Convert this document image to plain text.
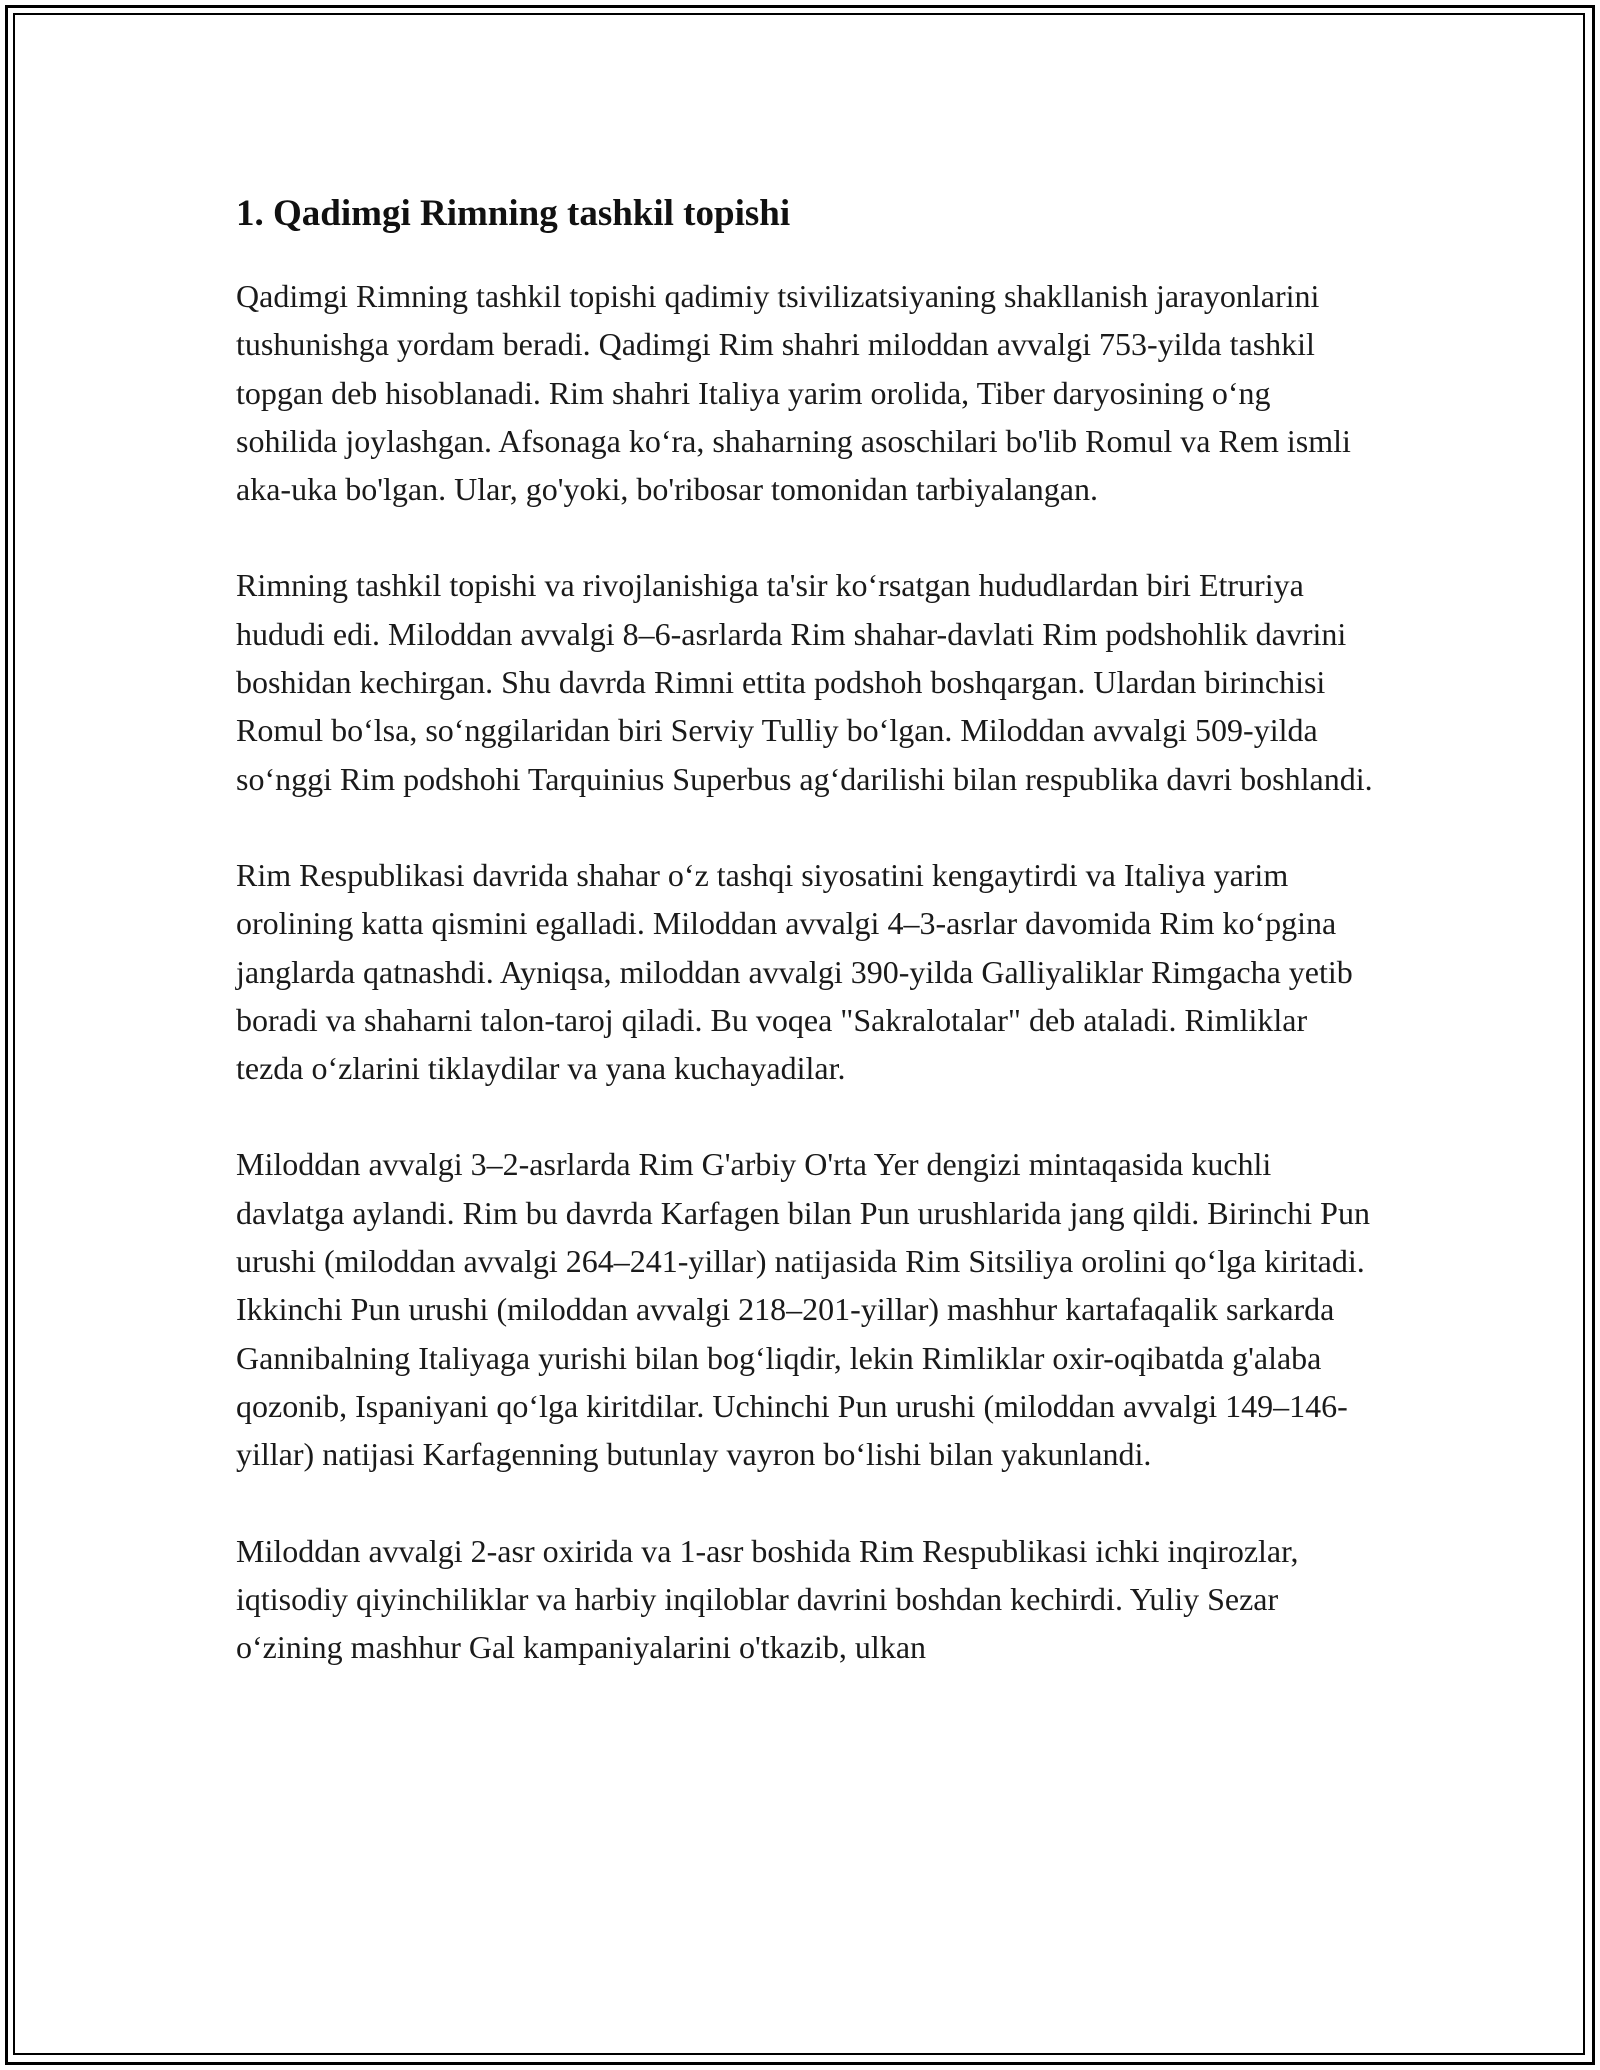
1. Qadimgi Rimning tashkil topishi

Qadimgi Rimning tashkil topishi qadimiy tsivilizatsiyaning shakllanish jarayonlarini tushunishga yordam beradi. Qadimgi Rim shahri miloddan avvalgi 753-yilda tashkil topgan deb hisoblanadi. Rim shahri Italiya yarim orolida, Tiber daryosining o‘ng sohilida joylashgan. Afsonaga ko‘ra, shaharning asoschilari bo'lib Romul va Rem ismli aka-uka bo'lgan. Ular, go'yoki, bo'ribosar tomonidan tarbiyalangan.

Rimning tashkil topishi va rivojlanishiga ta'sir ko‘rsatgan hududlardan biri Etruriya hududi edi. Miloddan avvalgi 8–6-asrlarda Rim shahar-davlati Rim podshohlik davrini boshidan kechirgan. Shu davrda Rimni ettita podshoh boshqargan. Ulardan birinchisi Romul bo‘lsa, so‘nggilaridan biri Serviy Tulliy bo‘lgan. Miloddan avvalgi 509-yilda so‘nggi Rim podshohi Tarquinius Superbus ag‘darilishi bilan respublika davri boshlandi.

Rim Respublikasi davrida shahar o‘z tashqi siyosatini kengaytirdi va Italiya yarim orolining katta qismini egalladi. Miloddan avvalgi 4–3-asrlar davomida Rim ko‘pgina janglarda qatnashdi. Ayniqsa, miloddan avvalgi 390-yilda Galliyaliklar Rimgacha yetib boradi va shaharni talon-taroj qiladi. Bu voqea "Sakralotalar" deb ataladi. Rimliklar tezda o‘zlarini tiklaydilar va yana kuchayadilar.

Miloddan avvalgi 3–2-asrlarda Rim G'arbiy O'rta Yer dengizi mintaqasida kuchli davlatga aylandi. Rim bu davrda Karfagen bilan Pun urushlarida jang qildi. Birinchi Pun urushi (miloddan avvalgi 264–241-yillar) natijasida Rim Sitsiliya orolini qo‘lga kiritadi. Ikkinchi Pun urushi (miloddan avvalgi 218–201-yillar) mashhur kartafaqalik sarkarda Gannibalning Italiyaga yurishi bilan bog‘liqdir, lekin Rimliklar oxir-oqibatda g'alaba qozonib, Ispaniyani qo‘lga kiritdilar. Uchinchi Pun urushi (miloddan avvalgi 149–146-yillar) natijasi Karfagenning butunlay vayron bo‘lishi bilan yakunlandi.

Miloddan avvalgi 2-asr oxirida va 1-asr boshida Rim Respublikasi ichki inqirozlar, iqtisodiy qiyinchiliklar va harbiy inqiloblar davrini boshdan kechirdi. Yuliy Sezar o‘zining mashhur Gal kampaniyalarini o'tkazib, ulkan
